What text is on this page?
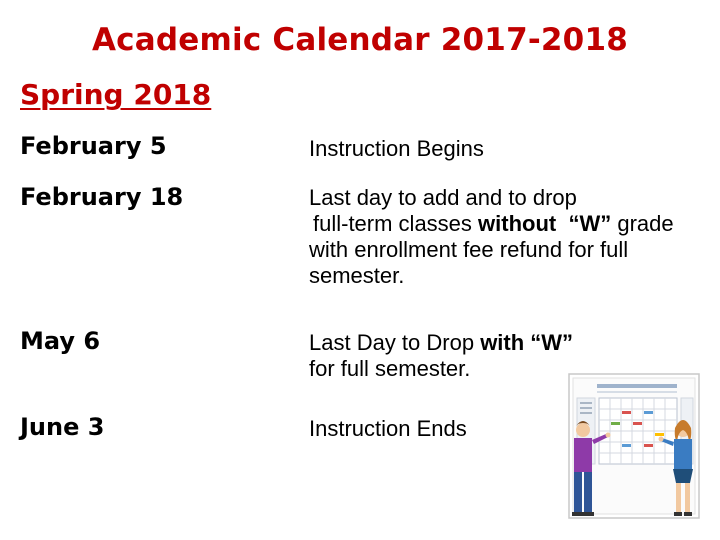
Academic Calendar 2017-2018
Spring 2018
February 5	Instruction Begins
February 18	Last day to add and to drop
full-term classes without “W” grade
with enrollment fee refund for full
semester.
May 6	Last Day to Drop with “W”
for full semester.
June 3	Instruction Ends
